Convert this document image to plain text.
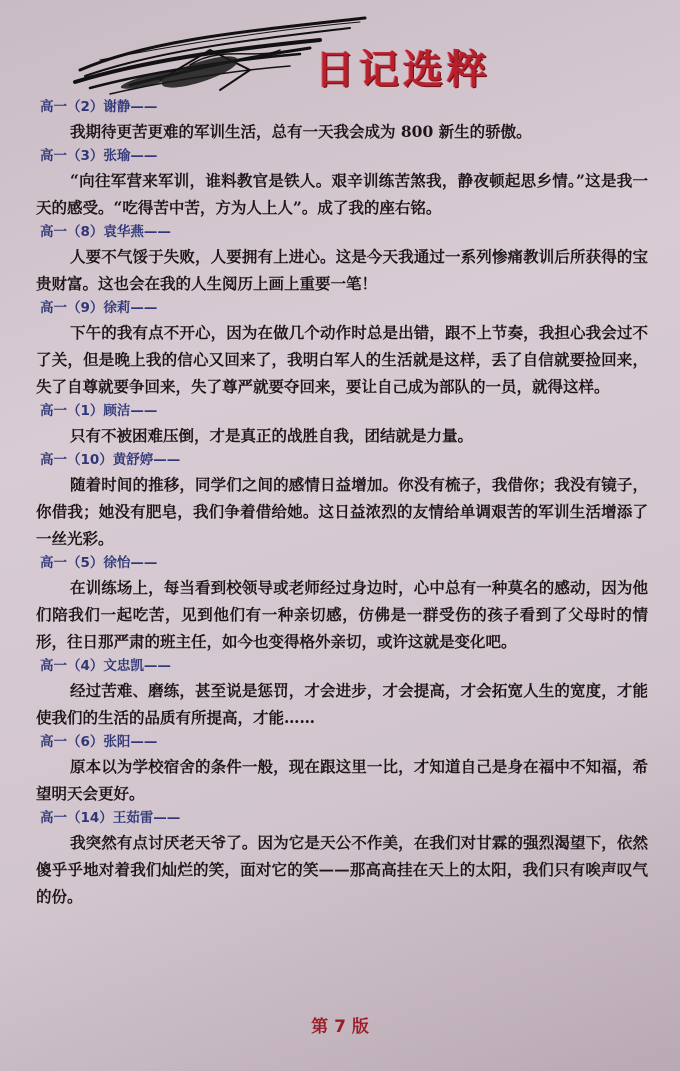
日记选粹
高一（2）谢静——

我期待更苦更难的军训生活，总有一天我会成为 800 新生的骄傲。

高一（3）张瑜——

“向往军营来军训，谁料教官是铁人。艰辛训练苦煞我，静夜顿起思乡情。”这是我一天的感受。“吃得苦中苦，方为人上人”。成了我的座右铭。

高一（8）袁华燕——

人要不气馁于失败，人要拥有上进心。这是今天我通过一系列惨痛教训后所获得的宝贵财富。这也会在我的人生阅历上画上重要一笔！

高一（9）徐莉——

下午的我有点不开心，因为在做几个动作时总是出错，跟不上节奏，我担心我会过不了关，但是晚上我的信心又回来了，我明白军人的生活就是这样，丢了自信就要捡回来，失了自尊就要争回来，失了尊严就要夺回来，要让自己成为部队的一员，就得这样。

高一（1）顾洁——

只有不被困难压倒，才是真正的战胜自我，团结就是力量。

高一（10）黄舒婷——

随着时间的推移，同学们之间的感情日益增加。你没有梳子，我借你；我没有镜子，你借我；她没有肥皂，我们争着借给她。这日益浓烈的友情给单调艰苦的军训生活增添了一丝光彩。

高一（5）徐怡——

在训练场上，每当看到校领导或老师经过身边时，心中总有一种莫名的感动，因为他们陪我们一起吃苦，见到他们有一种亲切感，仿佛是一群受伤的孩子看到了父母时的情形，往日那严肃的班主任，如今也变得格外亲切，或许这就是变化吧。

高一（4）文忠凯——

经过苦难、磨练，甚至说是惩罚，才会进步，才会提高，才会拓宽人生的宽度，才能使我们的生活的品质有所提高，才能……

高一（6）张阳——

原本以为学校宿舍的条件一般，现在跟这里一比，才知道自己是身在福中不知福，希望明天会更好。

高一（14）王茹雷——

我突然有点讨厌老天爷了。因为它是天公不作美，在我们对甘霖的强烈渴望下，依然傻乎乎地对着我们灿烂的笑，面对它的笑——那高高挂在天上的太阳，我们只有唉声叹气的份。

第 7 版
